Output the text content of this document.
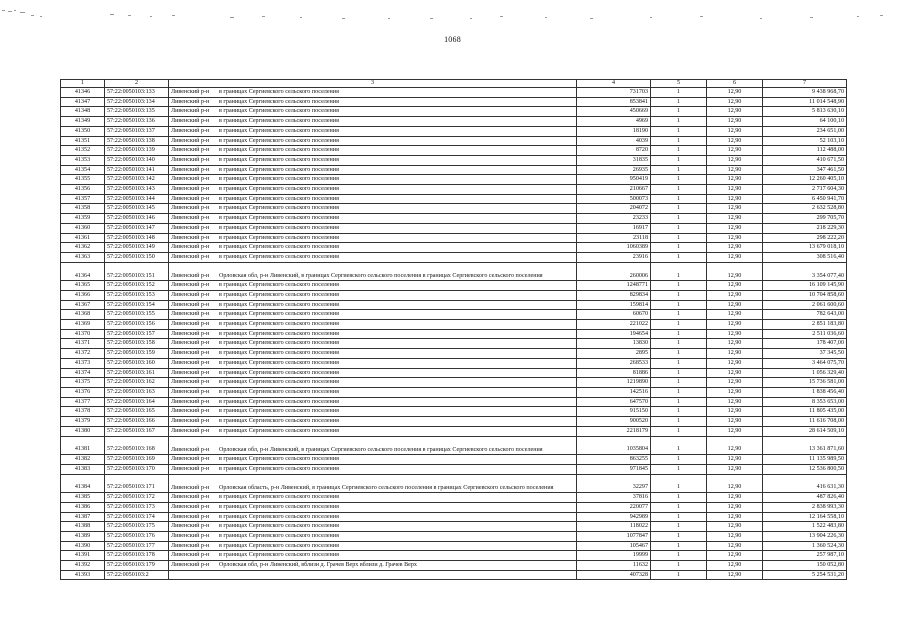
1068
1	2	3	4	5	6	7
41346	57:22:0050103:133	Ливенский р-н в границах Сергиевского сельского поселения	731703	1	12,90	9 438 968,70
41347	57:22:0050103:134	Ливенский р-н в границах Сергиевского сельского поселения	853841	1	12,90	11 014 548,90
41348	57:22:0050103:135	Ливенский р-н в границах Сергиевского сельского поселения	450669	1	12,90	5 813 630,10
41349	57:22:0050103:136	Ливенский р-н в границах Сергиевского сельского поселения	4969	1	12,90	64 100,10
41350	57:22:0050103:137	Ливенский р-н в границах Сергиевского сельского поселения	18190	1	12,90	234 651,00
41351	57:22:0050103:138	Ливенский р-н в границах Сергиевского сельского поселения	4039	1	12,90	52 103,10
41352	57:22:0050103:139	Ливенский р-н в границах Сергиевского сельского поселения	8720	1	12,90	112 488,00
41353	57:22:0050103:140	Ливенский р-н в границах Сергиевского сельского поселения	31835	1	12,90	410 671,50
41354	57:22:0050103:141	Ливенский р-н в границах Сергиевского сельского поселения	26935	1	12,90	347 461,50
41355	57:22:0050103:142	Ливенский р-н в границах Сергиевского сельского поселения	950419	1	12,90	12 260 405,10
41356	57:22:0050103:143	Ливенский р-н в границах Сергиевского сельского поселения	210667	1	12,90	2 717 604,30
41357	57:22:0050103:144	Ливенский р-н в границах Сергиевского сельского поселения	500073	1	12,90	6 450 941,70
41358	57:22:0050103:145	Ливенский р-н в границах Сергиевского сельского поселения	204072	1	12,90	2 632 528,80
41359	57:22:0050103:146	Ливенский р-н в границах Сергиевского сельского поселения	23233	1	12,90	299 705,70
41360	57:22:0050103:147	Ливенский р-н в границах Сергиевского сельского поселения	16917	1	12,90	218 229,30
41361	57:22:0050103:148	Ливенский р-н в границах Сергиевского сельского поселения	23118	1	12,90	298 222,20
41362	57:22:0050103:149	Ливенский р-н в границах Сергиевского сельского поселения	1060389	1	12,90	13 679 018,10
41363	57:22:0050103:150	Ливенский р-н в границах Сергиевского сельского поселения	23916	1	12,90	308 516,40
41364	57:22:0050103:151	Ливенский р-н Орловская обл, р-н Ливенский, в границах Сергиевского сельского поселения в границах Сергиевского сельского поселения	260006	1	12,90	3 354 077,40
41365	57:22:0050103:152	Ливенский р-н в границах Сергиевского сельского поселения	1248771	1	12,90	16 109 145,90
41366	57:22:0050103:153	Ливенский р-н в границах Сергиевского сельского поселения	829834	1	12,90	10 704 858,60
41367	57:22:0050103:154	Ливенский р-н в границах Сергиевского сельского поселения	159814	1	12,90	2 061 600,60
41368	57:22:0050103:155	Ливенский р-н в границах Сергиевского сельского поселения	60670	1	12,90	782 643,00
41369	57:22:0050103:156	Ливенский р-н в границах Сергиевского сельского поселения	221022	1	12,90	2 851 183,80
41370	57:22:0050103:157	Ливенский р-н в границах Сергиевского сельского поселения	194654	1	12,90	2 511 036,60
41371	57:22:0050103:158	Ливенский р-н в границах Сергиевского сельского поселения	13830	1	12,90	178 407,00
41372	57:22:0050103:159	Ливенский р-н в границах Сергиевского сельского поселения	2895	1	12,90	37 345,50
41373	57:22:0050103:160	Ливенский р-н в границах Сергиевского сельского поселения	268533	1	12,90	3 464 075,70
41374	57:22:0050103:161	Ливенский р-н в границах Сергиевского сельского поселения	81886	1	12,90	1 056 329,40
41375	57:22:0050103:162	Ливенский р-н в границах Сергиевского сельского поселения	1219890	1	12,90	15 736 581,00
41376	57:22:0050103:163	Ливенский р-н в границах Сергиевского сельского поселения	142516	1	12,90	1 838 456,40
41377	57:22:0050103:164	Ливенский р-н в границах Сергиевского сельского поселения	647570	1	12,90	8 353 653,00
41378	57:22:0050103:165	Ливенский р-н в границах Сергиевского сельского поселения	915150	1	12,90	11 805 435,00
41379	57:22:0050103:166	Ливенский р-н в границах Сергиевского сельского поселения	900520	1	12,90	11 616 708,00
41380	57:22:0050103:167	Ливенский р-н в границах Сергиевского сельского поселения	2218179	1	12,90	28 614 509,10
41381	57:22:0050103:168	Ливенский р-н Орловская обл, р-н Ливенский, в границах Сергиевского сельского поселения в границах Сергиевского сельского поселения	1035804	1	12,90	13 361 871,60
41382	57:22:0050103:169	Ливенский р-н в границах Сергиевского сельского поселения	863255	1	12,90	11 135 989,50
41383	57:22:0050103:170	Ливенский р-н в границах Сергиевского сельского поселения	971845	1	12,90	12 536 800,50
41384	57:22:0050103:171	Ливенский р-н Орловская область, р-н Ливенский, в границах Сергиевского сельского поселения в границах Сергиевского сельского поселения	32297	1	12,90	416 631,30
41385	57:22:0050103:172	Ливенский р-н в границах Сергиевского сельского поселения	37816	1	12,90	487 826,40
41386	57:22:0050103:173	Ливенский р-н в границах Сергиевского сельского поселения	220077	1	12,90	2 838 993,30
41387	57:22:0050103:174	Ливенский р-н в границах Сергиевского сельского поселения	942989	1	12,90	12 164 558,10
41388	57:22:0050103:175	Ливенский р-н в границах Сергиевского сельского поселения	118022	1	12,90	1 522 483,80
41389	57:22:0050103:176	Ливенский р-н в границах Сергиевского сельского поселения	1077847	1	12,90	13 904 226,30
41390	57:22:0050103:177	Ливенский р-н в границах Сергиевского сельского поселения	105467	1	12,90	1 360 524,30
41391	57:22:0050103:178	Ливенский р-н в границах Сергиевского сельского поселения	19999	1	12,90	257 987,10
41392	57:22:0050103:179	Ливенский р-н Орловская обл, р-н Ливенский, вблизи д. Грачев Верх вблизи д. Грачев Верх	11632	1	12,90	150 052,80
41393	57:22:0050103:2		407328	1	12,90	5 254 531,20
